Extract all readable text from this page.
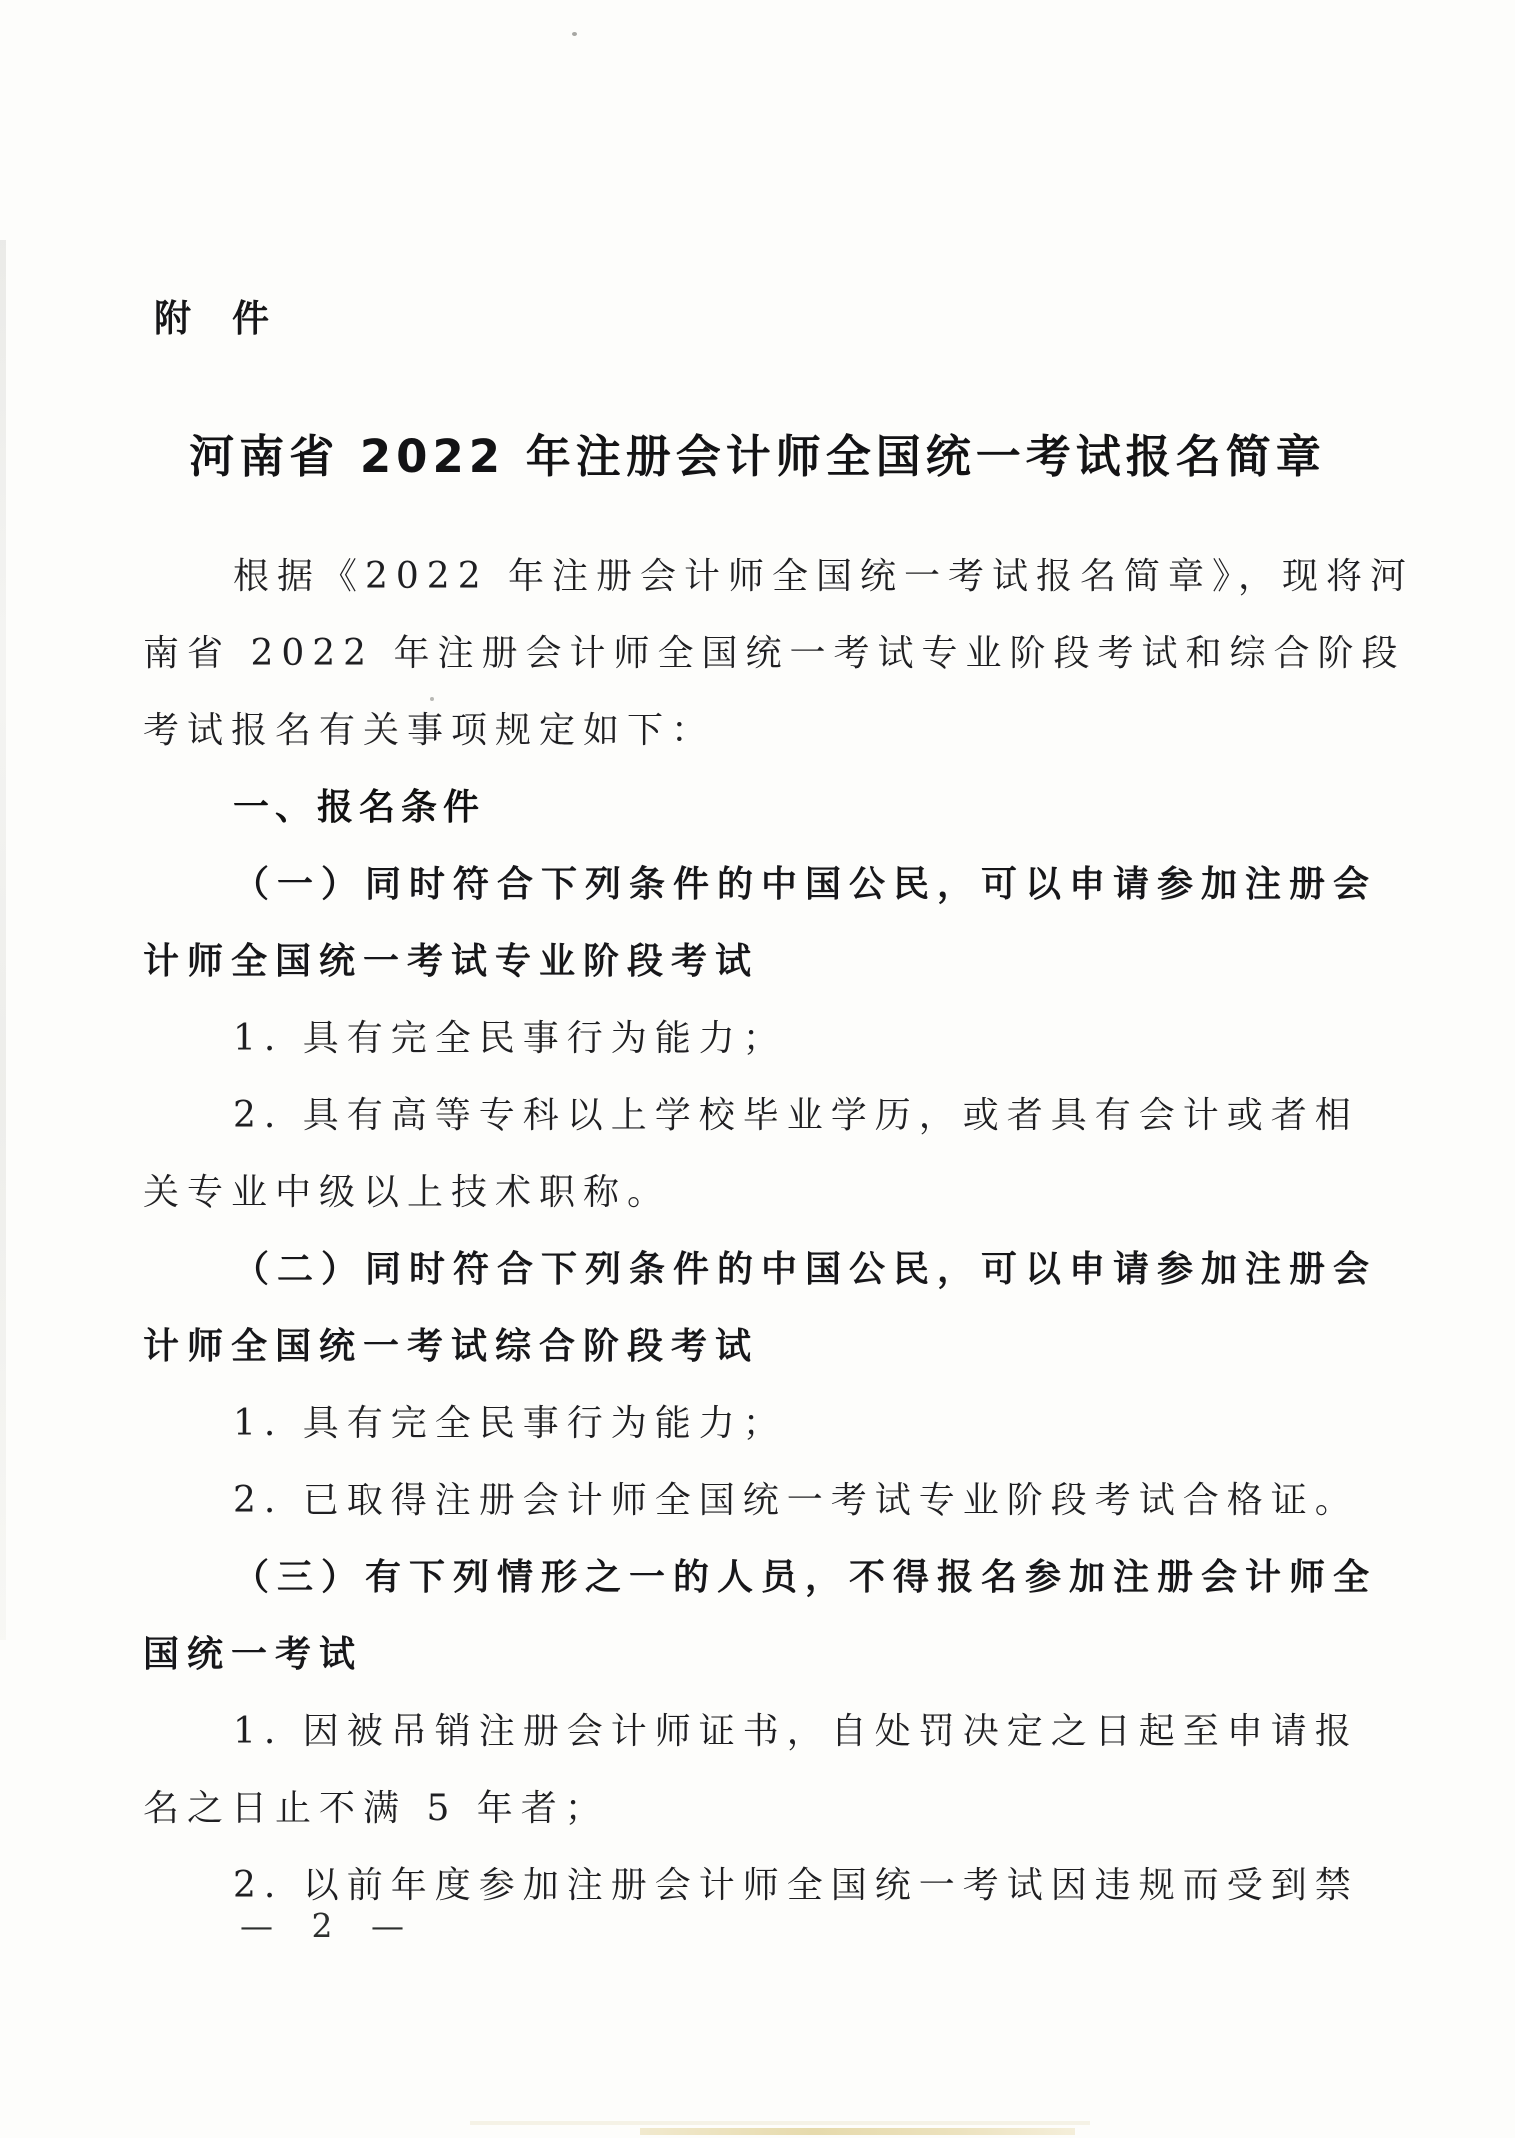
附　件
河南省 2022 年注册会计师全国统一考试报名简章
根据《2022 年注册会计师全国统一考试报名简章》，现将河
南省 2022 年注册会计师全国统一考试专业阶段考试和综合阶段
考试报名有关事项规定如下：
一、报名条件
（一）同时符合下列条件的中国公民，可以申请参加注册会
计师全国统一考试专业阶段考试
1. 具有完全民事行为能力；
2. 具有高等专科以上学校毕业学历，或者具有会计或者相
关专业中级以上技术职称。
（二）同时符合下列条件的中国公民，可以申请参加注册会
计师全国统一考试综合阶段考试
1. 具有完全民事行为能力；
2. 已取得注册会计师全国统一考试专业阶段考试合格证。
（三）有下列情形之一的人员，不得报名参加注册会计师全
国统一考试
1. 因被吊销注册会计师证书，自处罚决定之日起至申请报
名之日止不满 5 年者；
2. 以前年度参加注册会计师全国统一考试因违规而受到禁
— 2 —
